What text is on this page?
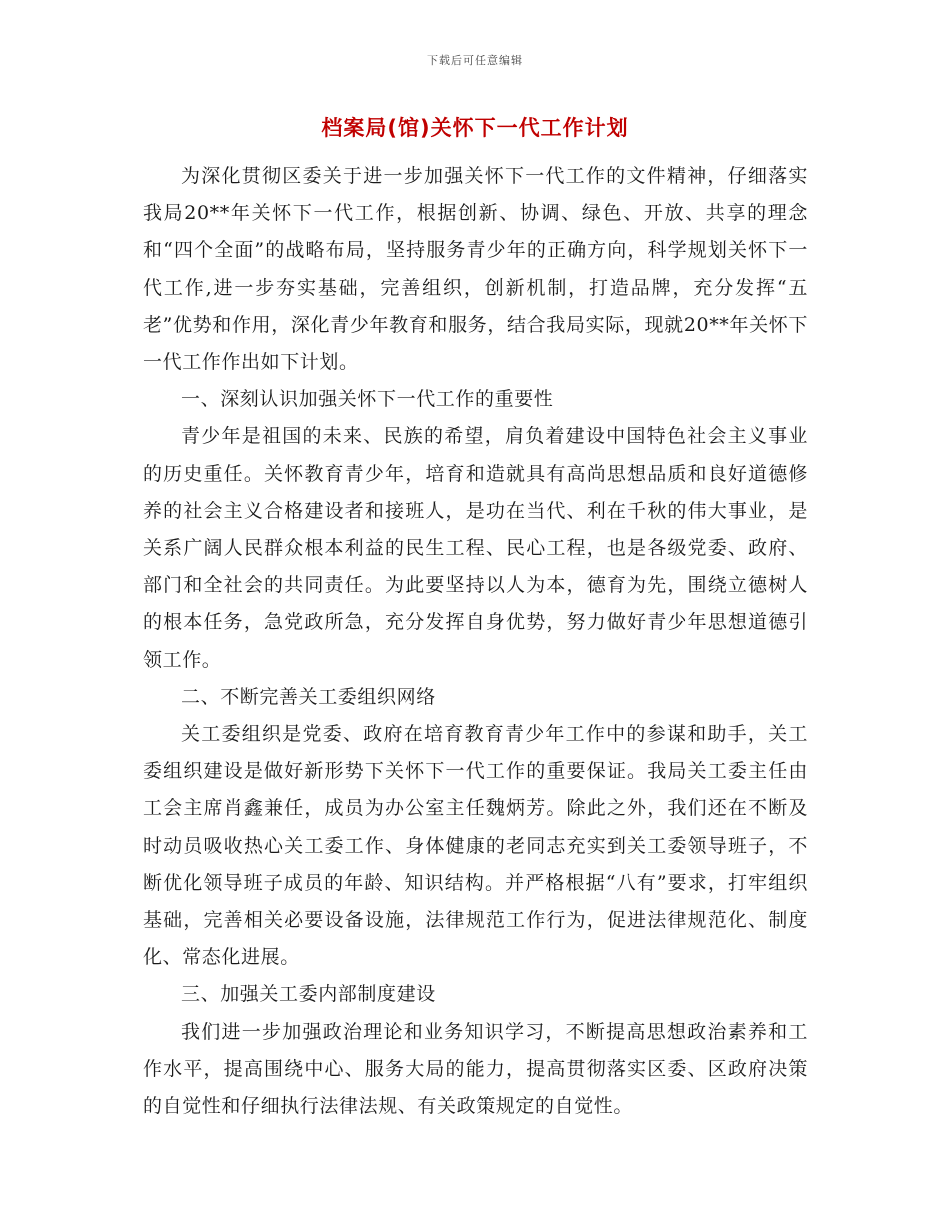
下载后可任意编辑
档案局(馆)关怀下一代工作计划

为深化贯彻区委关于进一步加强关怀下一代工作的文件精神，仔细落实我局20**年关怀下一代工作，根据创新、协调、绿色、开放、共享的理念和“四个全面”的战略布局，坚持服务青少年的正确方向，科学规划关怀下一代工作,进一步夯实基础，完善组织，创新机制，打造品牌，充分发挥“五老”优势和作用，深化青少年教育和服务，结合我局实际，现就20**年关怀下一代工作作出如下计划。

一、深刻认识加强关怀下一代工作的重要性

青少年是祖国的未来、民族的希望，肩负着建设中国特色社会主义事业的历史重任。关怀教育青少年，培育和造就具有高尚思想品质和良好道德修养的社会主义合格建设者和接班人，是功在当代、利在千秋的伟大事业，是关系广阔人民群众根本利益的民生工程、民心工程，也是各级党委、政府、部门和全社会的共同责任。为此要坚持以人为本，德育为先，围绕立德树人的根本任务，急党政所急，充分发挥自身优势，努力做好青少年思想道德引领工作。

二、不断完善关工委组织网络

关工委组织是党委、政府在培育教育青少年工作中的参谋和助手，关工委组织建设是做好新形势下关怀下一代工作的重要保证。我局关工委主任由工会主席肖鑫兼任，成员为办公室主任魏炳芳。除此之外，我们还在不断及时动员吸收热心关工委工作、身体健康的老同志充实到关工委领导班子，不断优化领导班子成员的年龄、知识结构。并严格根据“八有”要求，打牢组织基础，完善相关必要设备设施，法律规范工作行为，促进法律规范化、制度化、常态化进展。

三、加强关工委内部制度建设

我们进一步加强政治理论和业务知识学习，不断提高思想政治素养和工作水平，提高围绕中心、服务大局的能力，提高贯彻落实区委、区政府决策的自觉性和仔细执行法律法规、有关政策规定的自觉性。
